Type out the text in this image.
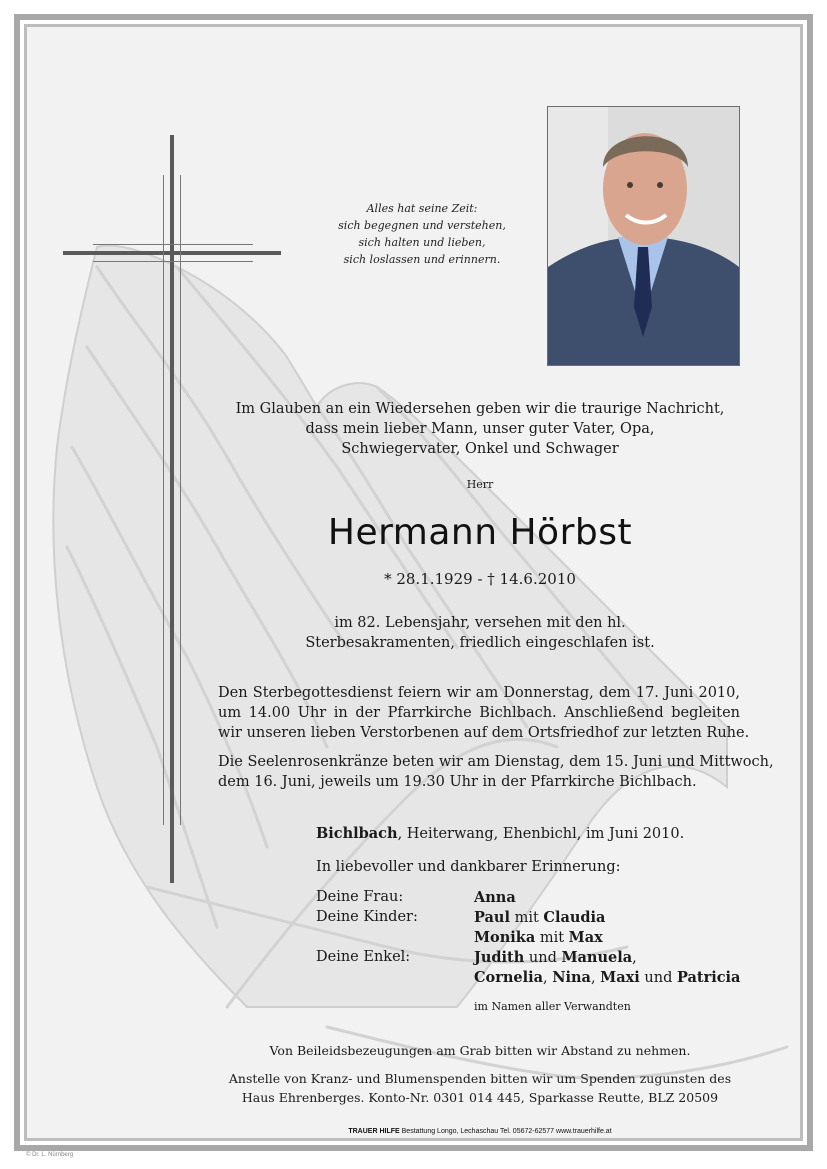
Alles hat seine Zeit:
sich begegnen und verstehen,
sich halten und lieben,
sich loslassen und erinnern.
Im Glauben an ein Wiedersehen geben wir die traurige Nachricht,
dass mein lieber Mann, unser guter Vater, Opa,
Schwiegervater, Onkel und Schwager
Herr
Hermann Hörbst
* 28.1.1929 - † 14.6.2010
im 82. Lebensjahr, versehen mit den hl.
Sterbesakramenten, friedlich eingeschlafen ist.
Den Sterbegottesdienst feiern wir am Donnerstag, dem 17. Juni 2010,
um 14.00 Uhr in der Pfarrkirche Bichlbach. Anschließend begleiten
wir unseren lieben Verstorbenen auf dem Ortsfriedhof zur letzten Ruhe.
Die Seelenrosenkränze beten wir am Dienstag, dem 15. Juni und Mittwoch,
dem 16. Juni, jeweils um 19.30 Uhr in der Pfarrkirche Bichlbach.
Bichlbach, Heiterwang, Ehenbichl, im Juni 2010.
In liebevoller und dankbarer Erinnerung:
Deine Frau:	Anna
Deine Kinder:	Paul mit Claudia
Monika mit Max
Deine Enkel:	Judith und Manuela,
Cornelia, Nina, Maxi und Patricia
im Namen aller Verwandten
Von Beileidsbezeugungen am Grab bitten wir Abstand zu nehmen.
Anstelle von Kranz- und Blumenspenden bitten wir um Spenden zugunsten des
Haus Ehrenberges. Konto-Nr. 0301 014 445, Sparkasse Reutte, BLZ 20509
TRAUER HILFE Bestattung Longo, Lechaschau Tel. 05672-62577 www.trauerhilfe.at
© Dr. L. Nürnberg
